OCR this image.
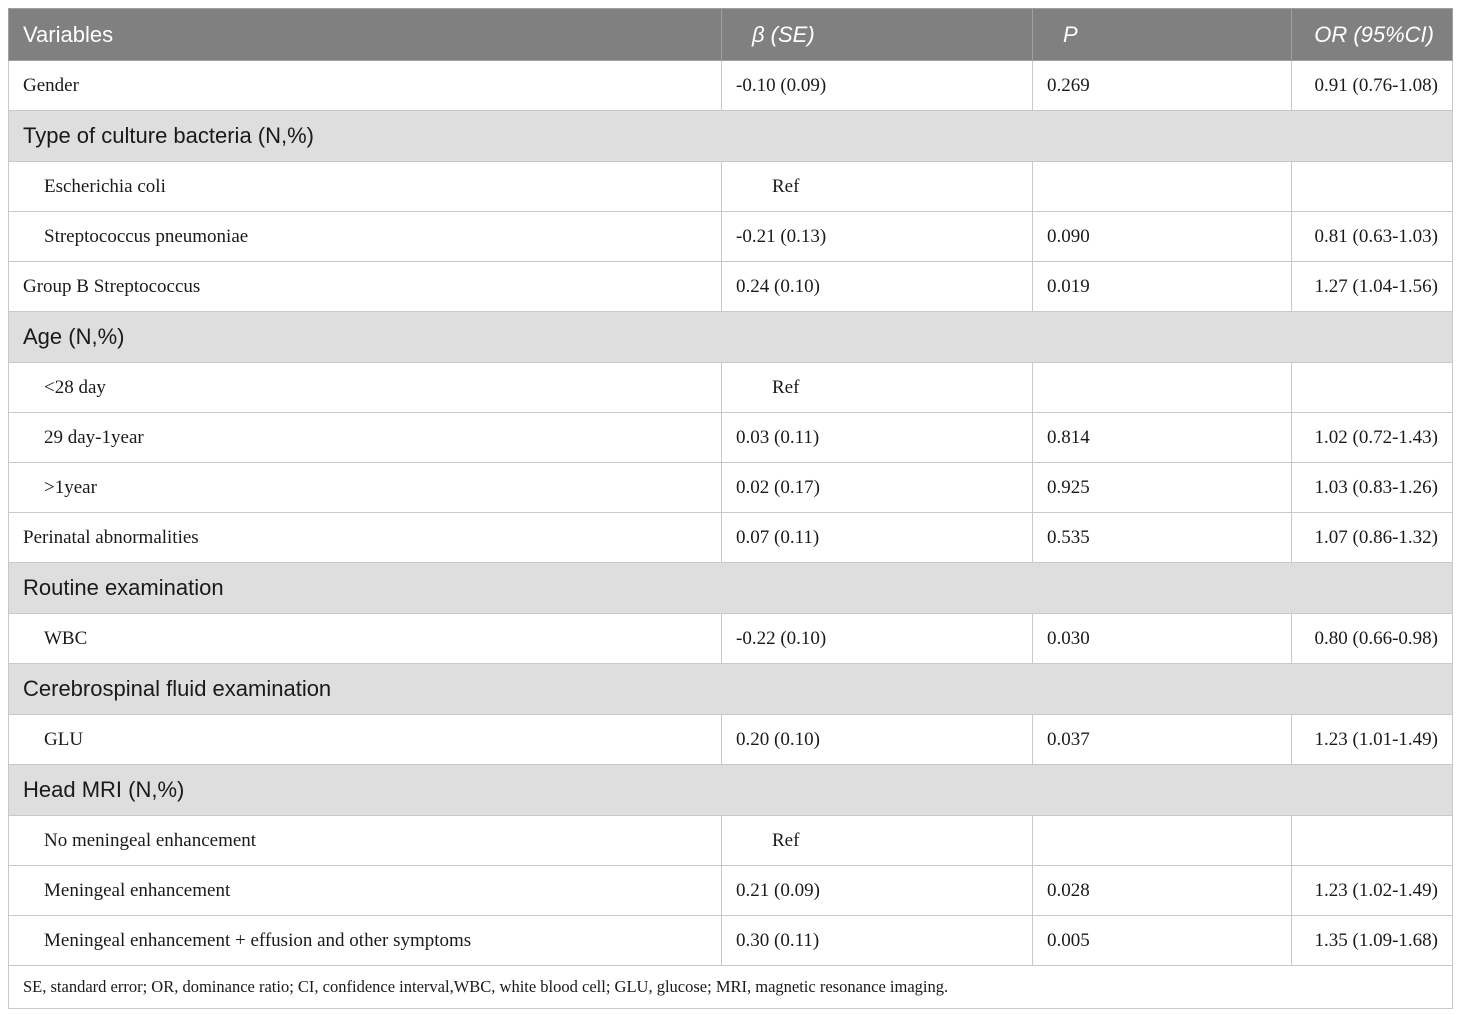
Variables	β (SE)	P	OR (95%CI)
Gender	-0.10 (0.09)	0.269	0.91 (0.76-1.08)
Type of culture bacteria (N,%)			
Escherichia coli	Ref		
Streptococcus pneumoniae	-0.21 (0.13)	0.090	0.81 (0.63-1.03)
Group B Streptococcus	0.24 (0.10)	0.019	1.27 (1.04-1.56)
Age (N,%)			
<28 day	Ref		
29 day-1year	0.03 (0.11)	0.814	1.02 (0.72-1.43)
>1year	0.02 (0.17)	0.925	1.03 (0.83-1.26)
Perinatal abnormalities	0.07 (0.11)	0.535	1.07 (0.86-1.32)
Routine examination			
WBC	-0.22 (0.10)	0.030	0.80 (0.66-0.98)
Cerebrospinal fluid examination			
GLU	0.20 (0.10)	0.037	1.23 (1.01-1.49)
Head MRI (N,%)			
No meningeal enhancement	Ref		
Meningeal enhancement	0.21 (0.09)	0.028	1.23 (1.02-1.49)
Meningeal enhancement + effusion and other symptoms	0.30 (0.11)	0.005	1.35 (1.09-1.68)
SE, standard error; OR, dominance ratio; CI, confidence interval,WBC, white blood cell; GLU, glucose; MRI, magnetic resonance imaging.			
